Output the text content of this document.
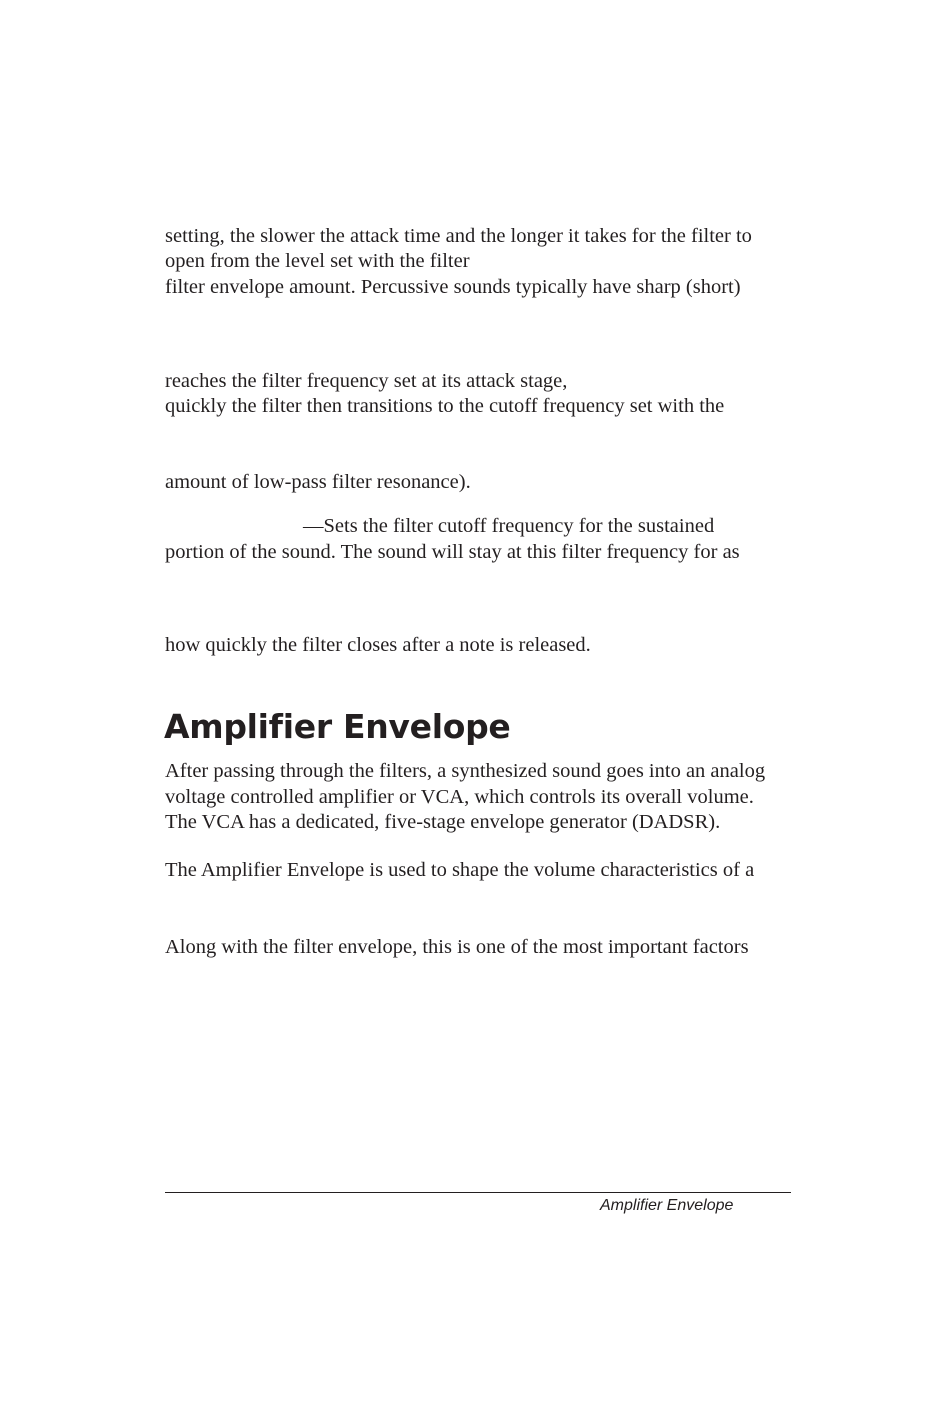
setting, the slower the attack time and the longer it takes for the filter to

open from the level set with the filter

filter envelope amount. Percussive sounds typically have sharp (short)

reaches the filter frequency set at its attack stage,

quickly the filter then transitions to the cutoff frequency set with the

amount of low-pass filter resonance).

—Sets the filter cutoff frequency for the sustained

portion of the sound. The sound will stay at this filter frequency for as

how quickly the filter closes after a note is released.

Amplifier Envelope

After passing through the filters, a synthesized sound goes into an analog

voltage controlled amplifier or VCA, which controls its overall volume.

The VCA has a dedicated, five-stage envelope generator (DADSR).

The Amplifier Envelope is used to shape the volume characteristics of a

Along with the filter envelope, this is one of the most important factors

Amplifier Envelope
